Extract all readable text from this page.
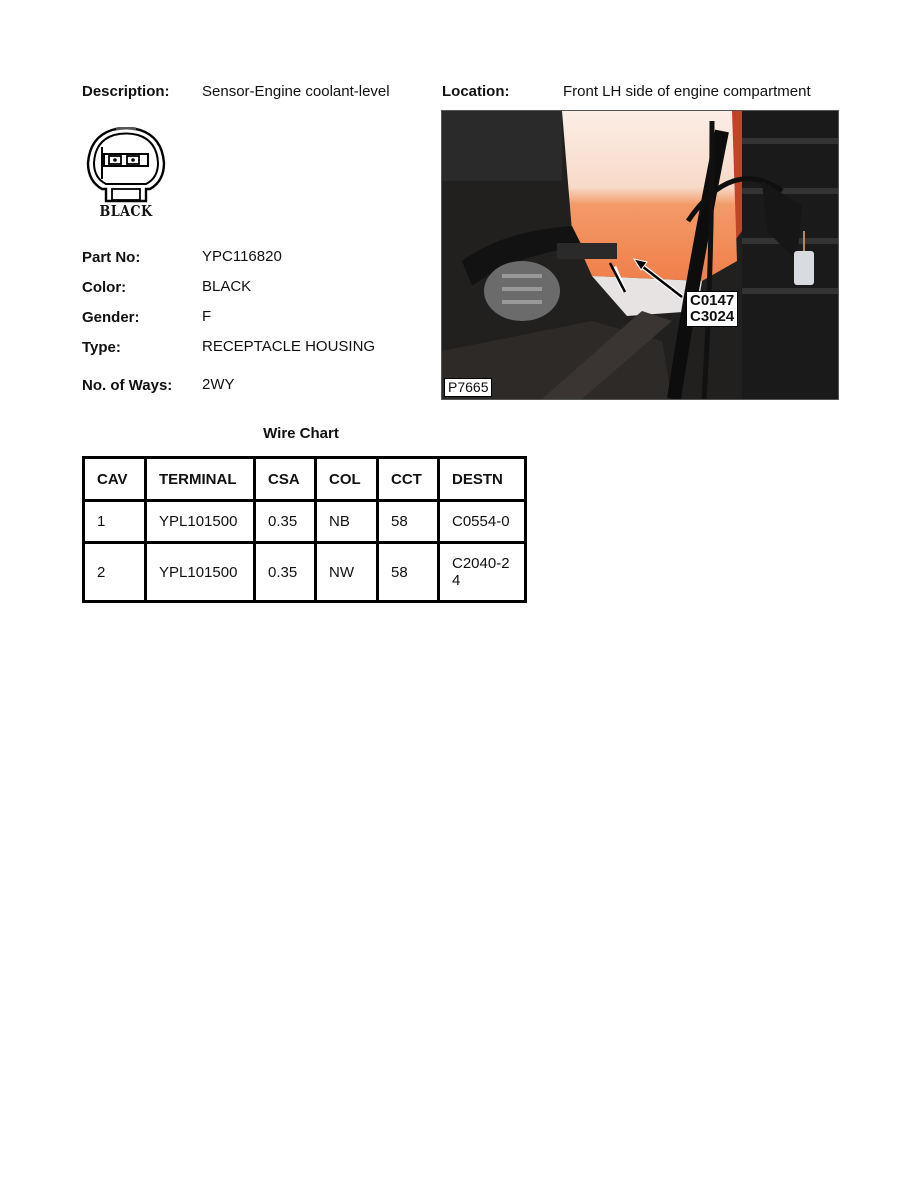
Description: Sensor-Engine coolant-level	Location:	Front LH side of engine compartment
BLACK
Part No:	YPC116820
Color:	BLACK
Gender:	F
Type:	RECEPTACLE HOUSING
No. of Ways: 2WY
C0147
C3024
P7665
Wire Chart
CAV	TERMINAL	CSA	COL	CCT	DESTN
1	YPL101500	0.35	NB	58	C0554-0
2	YPL101500	0.35	NW	58	C2040-24
